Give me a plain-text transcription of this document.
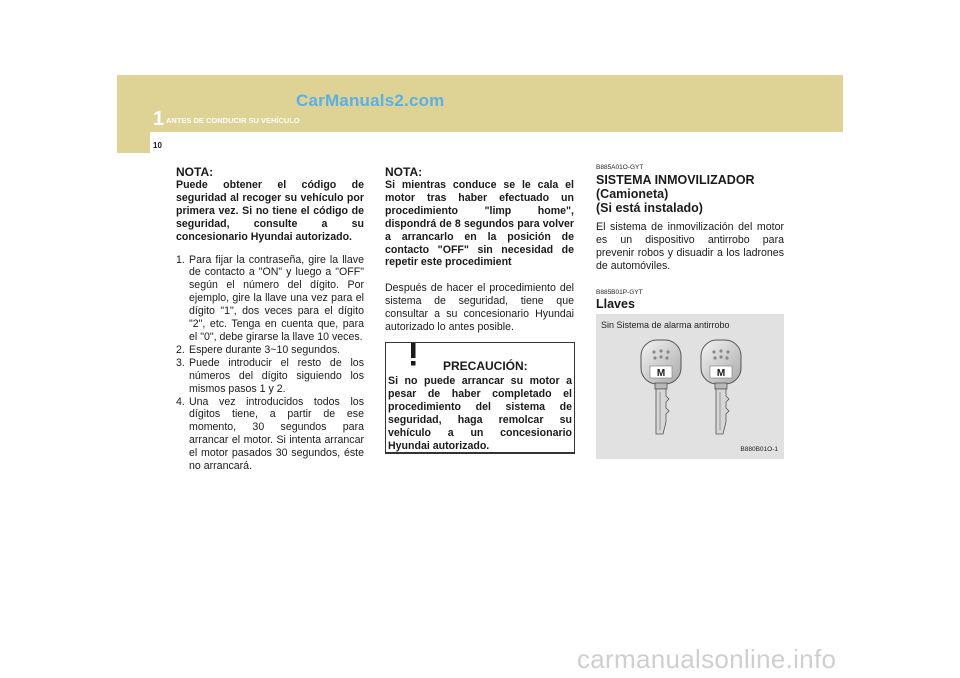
CarManuals2.com
1 ANTES DE CONDUCIR SU VEHÍCULO
10
NOTA:
Puede obtener el código de seguridad al recoger su vehículo por primera vez. Si no tiene el código de seguridad, consulte a su concesionario Hyundai autorizado.
1. Para fijar la contraseña, gire la llave de contacto a "ON" y luego a "OFF" según el número del dígito. Por ejemplo, gire la llave una vez para el dígito "1", dos veces para el dígito "2", etc. Tenga en cuenta que, para el "0", debe girarse la llave 10 veces.
2. Espere durante 3~10 segundos.
3. Puede introducir el resto de los números del dígito siguiendo los mismos pasos 1 y 2.
4. Una vez introducidos todos los dígitos tiene, a partir de ese momento, 30 segundos para arrancar el motor. Si intenta arrancar el motor pasados 30 segundos, éste no arrancará.
NOTA:
Si mientras conduce se le cala el motor tras haber efectuado un procedimiento "limp home", dispondrá de 8 segundos para volver a arrancarlo en la posición de contacto "OFF" sin necesidad de repetir este procedimient
Después de hacer el procedimiento del sistema de seguridad, tiene que consultar a su concesionario Hyundai autorizado lo antes posible.
PRECAUCIÓN:
Si no puede arrancar su motor a pesar de haber completado el procedimiento del sistema de seguridad, haga remolcar su vehículo a un concesionario Hyundai autorizado.
B885A01O-GYT
SISTEMA INMOVILIZADOR
(Camioneta)
(Si está instalado)
El sistema de inmovilización del motor es un dispositivo antirrobo para prevenir robos y disuadir a los ladrones de automóviles.
B885B01P-GYT
Llaves
Sin Sistema de alarma antirrobo
M	M
B880B01O-1
carmanualsonline.info
